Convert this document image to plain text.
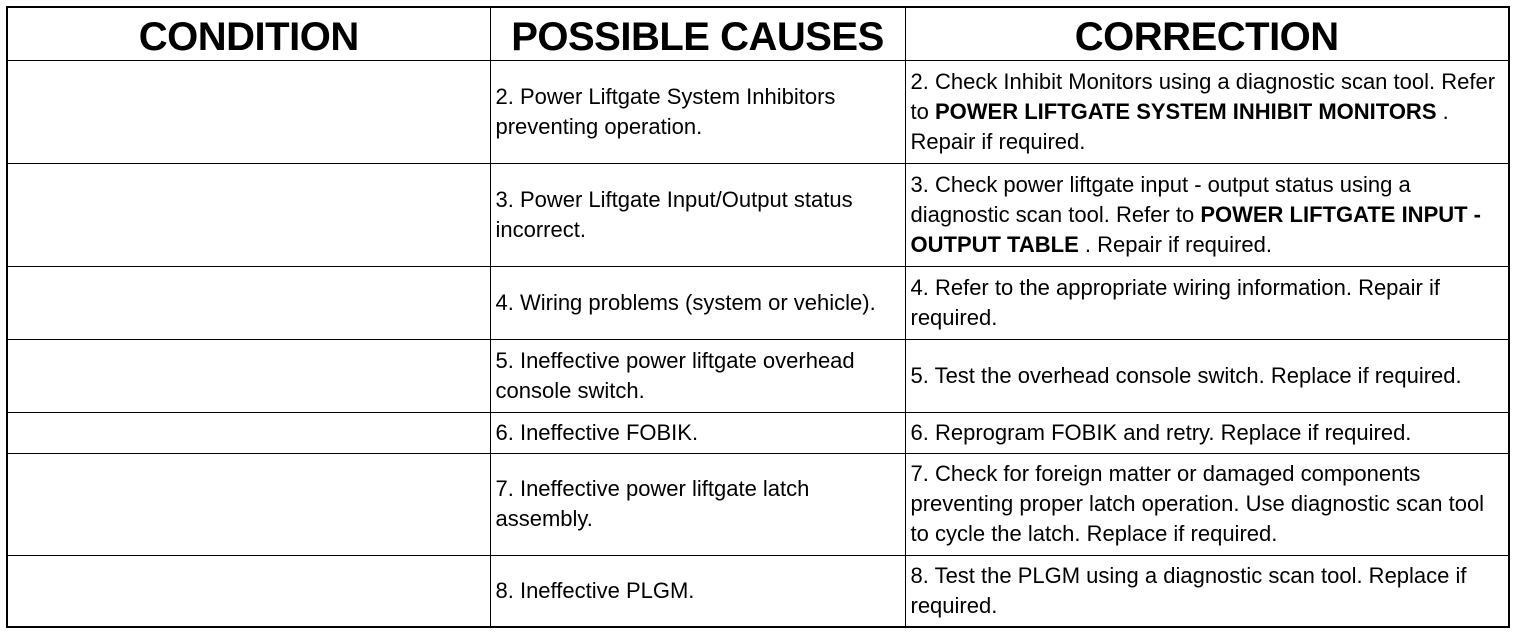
CONDITION	POSSIBLE CAUSES	CORRECTION
	2. Power Liftgate System Inhibitors preventing operation.	2. Check Inhibit Monitors using a diagnostic scan tool. Refer to POWER LIFTGATE SYSTEM INHIBIT MONITORS . Repair if required.
	3. Power Liftgate Input/Output status incorrect.	3. Check power liftgate input - output status using a diagnostic scan tool. Refer to POWER LIFTGATE INPUT - OUTPUT TABLE . Repair if required.
	4. Wiring problems (system or vehicle).	4. Refer to the appropriate wiring information. Repair if required.
	5. Ineffective power liftgate overhead console switch.	5. Test the overhead console switch. Replace if required.
	6. Ineffective FOBIK.	6. Reprogram FOBIK and retry. Replace if required.
	7. Ineffective power liftgate latch assembly.	7. Check for foreign matter or damaged components preventing proper latch operation. Use diagnostic scan tool to cycle the latch. Replace if required.
	8. Ineffective PLGM.	8. Test the PLGM using a diagnostic scan tool. Replace if required.
